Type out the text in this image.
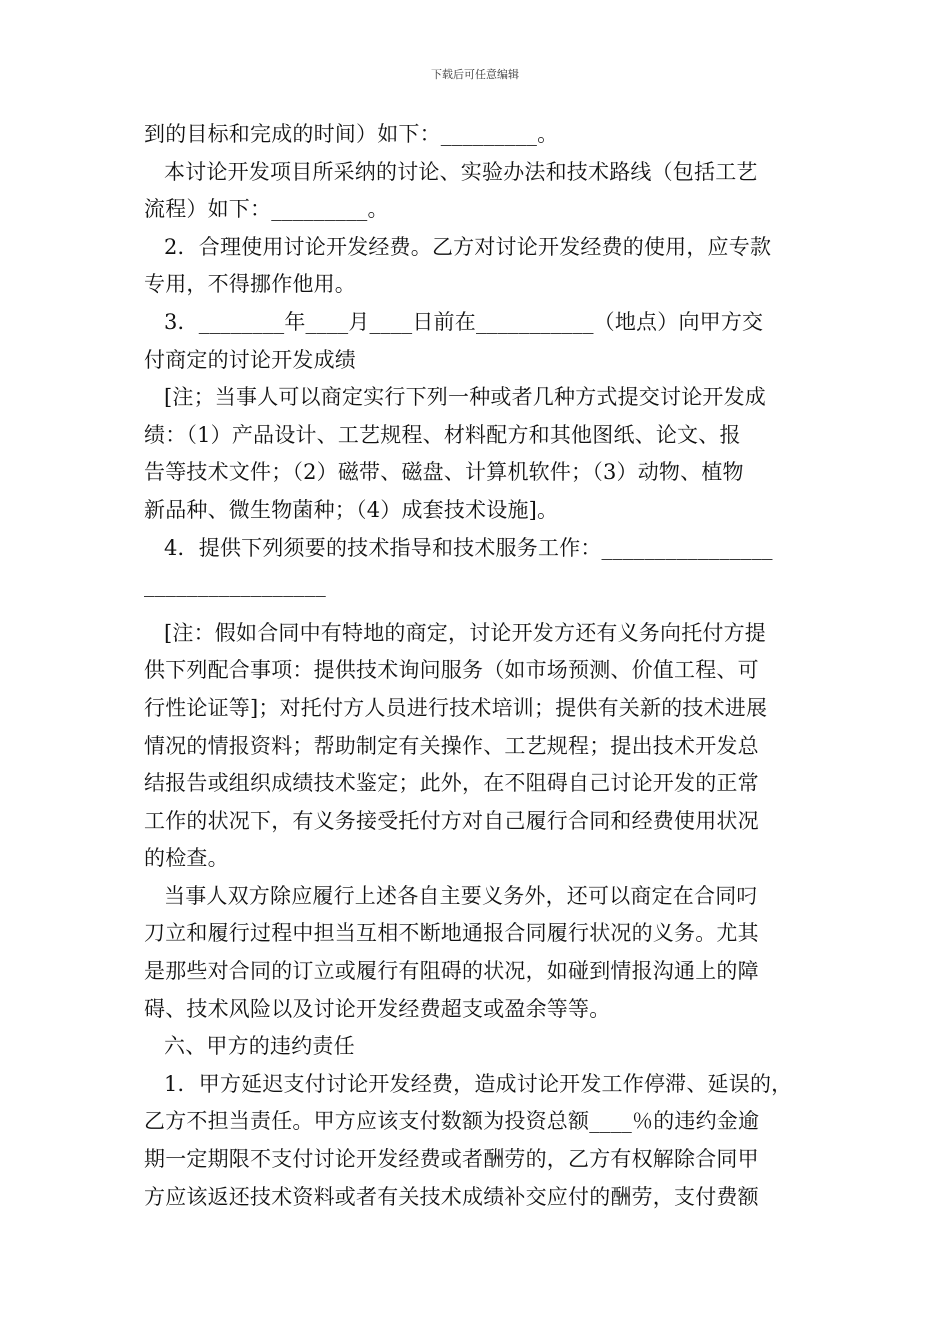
下载后可任意编辑
到的目标和完成的时间）如下：_________。
本讨论开发项目所采纳的讨论、实验办法和技术路线（包括工艺
流程）如下：_________。
2．合理使用讨论开发经费。乙方对讨论开发经费的使用，应专款
专用，不得挪作他用。
3．________年____月____日前在___________（地点）向甲方交
付商定的讨论开发成绩
[注；当事人可以商定实行下列一种或者几种方式提交讨论开发成
绩：（1）产品设计、工艺规程、材料配方和其他图纸、论文、报
告等技术文件；（2）磁带、磁盘、计算机软件；（3）动物、植物
新品种、微生物菌种；（4）成套技术设施]。
4．提供下列须要的技术指导和技术服务工作：________________
_________________
[注：假如合同中有特地的商定，讨论开发方还有义务向托付方提
供下列配合事项：提供技术询问服务（如市场预测、价值工程、可
行性论证等]；对托付方人员进行技术培训；提供有关新的技术进展
情况的情报资料；帮助制定有关操作、工艺规程；提出技术开发总
结报告或组织成绩技术鉴定；此外，在不阻碍自己讨论开发的正常
工作的状况下，有义务接受托付方对自己履行合同和经费使用状况
的检查。
当事人双方除应履行上述各自主要义务外，还可以商定在合同叼
刀立和履行过程中担当互相不断地通报合同履行状况的义务。尤其
是那些对合同的订立或履行有阻碍的状况，如碰到情报沟通上的障
碍、技术风险以及讨论开发经费超支或盈余等等。
六、甲方的违约责任
1．甲方延迟支付讨论开发经费，造成讨论开发工作停滞、延误的，
乙方不担当责任。甲方应该支付数额为投资总额____％的违约金逾
期一定期限不支付讨论开发经费或者酬劳的，乙方有权解除合同甲
方应该返还技术资料或者有关技术成绩补交应付的酬劳，支付费额
